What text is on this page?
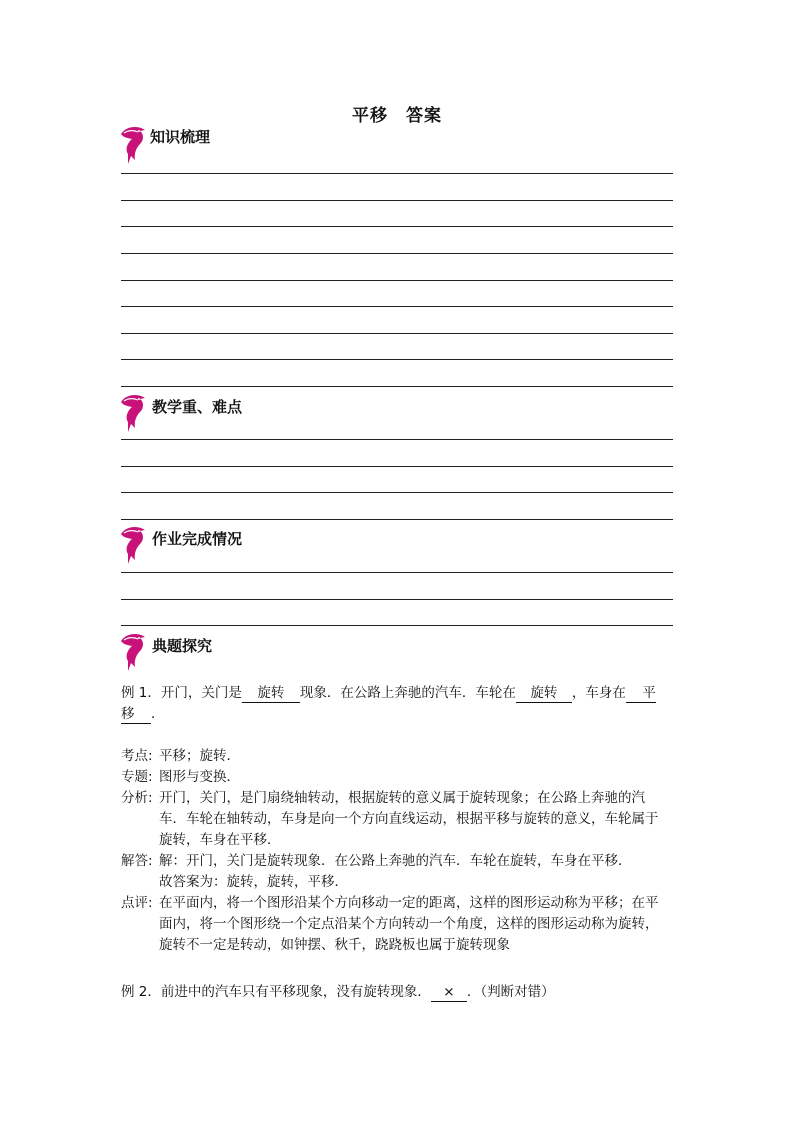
平移　答案
知识梳理
教学重、难点
作业完成情况
典题探究
例 1．开门，关门是 旋转 现象．在公路上奔驰的汽车．车轮在 旋转 ，车身在 平
移 ．
考点: 平移；旋转．
专题: 图形与变换．
分析: 开门，关门，是门扇绕轴转动，根据旋转的意义属于旋转现象；在公路上奔驰的汽
车．车轮在轴转动，车身是向一个方向直线运动，根据平移与旋转的意义，车轮属于
旋转，车身在平移．
解答: 解：开门，关门是旋转现象．在公路上奔驰的汽车．车轮在旋转，车身在平移．
故答案为：旋转，旋转，平移．
点评: 在平面内，将一个图形沿某个方向移动一定的距离，这样的图形运动称为平移；在平
面内，将一个图形绕一个定点沿某个方向转动一个角度，这样的图形运动称为旋转，
旋转不一定是转动，如钟摆、秋千，跷跷板也属于旋转现象
例 2．前进中的汽车只有平移现象，没有旋转现象． × ．（判断对错）
